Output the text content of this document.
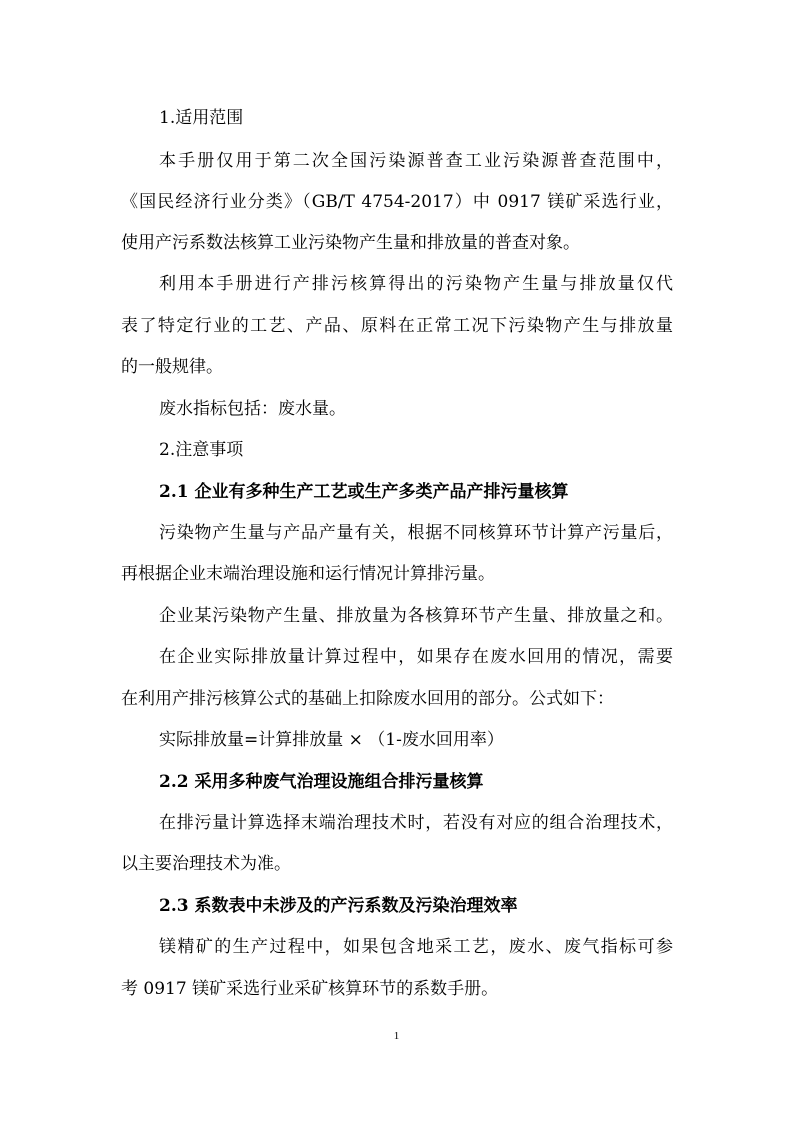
1.适用范围
本手册仅用于第二次全国污染源普查工业污染源普查范围中，
《国民经济行业分类》（GB/T 4754-2017）中 0917 镁矿采选行业，
使用产污系数法核算工业污染物产生量和排放量的普查对象。
利用本手册进行产排污核算得出的污染物产生量与排放量仅代
表了特定行业的工艺、产品、原料在正常工况下污染物产生与排放量
的一般规律。
废水指标包括：废水量。
2.注意事项
2.1 企业有多种生产工艺或生产多类产品产排污量核算
污染物产生量与产品产量有关，根据不同核算环节计算产污量后，
再根据企业末端治理设施和运行情况计算排污量。
企业某污染物产生量、排放量为各核算环节产生量、排放量之和。
在企业实际排放量计算过程中，如果存在废水回用的情况，需要
在利用产排污核算公式的基础上扣除废水回用的部分。公式如下：
实际排放量=计算排放量 × （1-废水回用率）
2.2 采用多种废气治理设施组合排污量核算
在排污量计算选择末端治理技术时，若没有对应的组合治理技术，
以主要治理技术为准。
2.3 系数表中未涉及的产污系数及污染治理效率
镁精矿的生产过程中，如果包含地采工艺，废水、废气指标可参
考 0917 镁矿采选行业采矿核算环节的系数手册。
1
